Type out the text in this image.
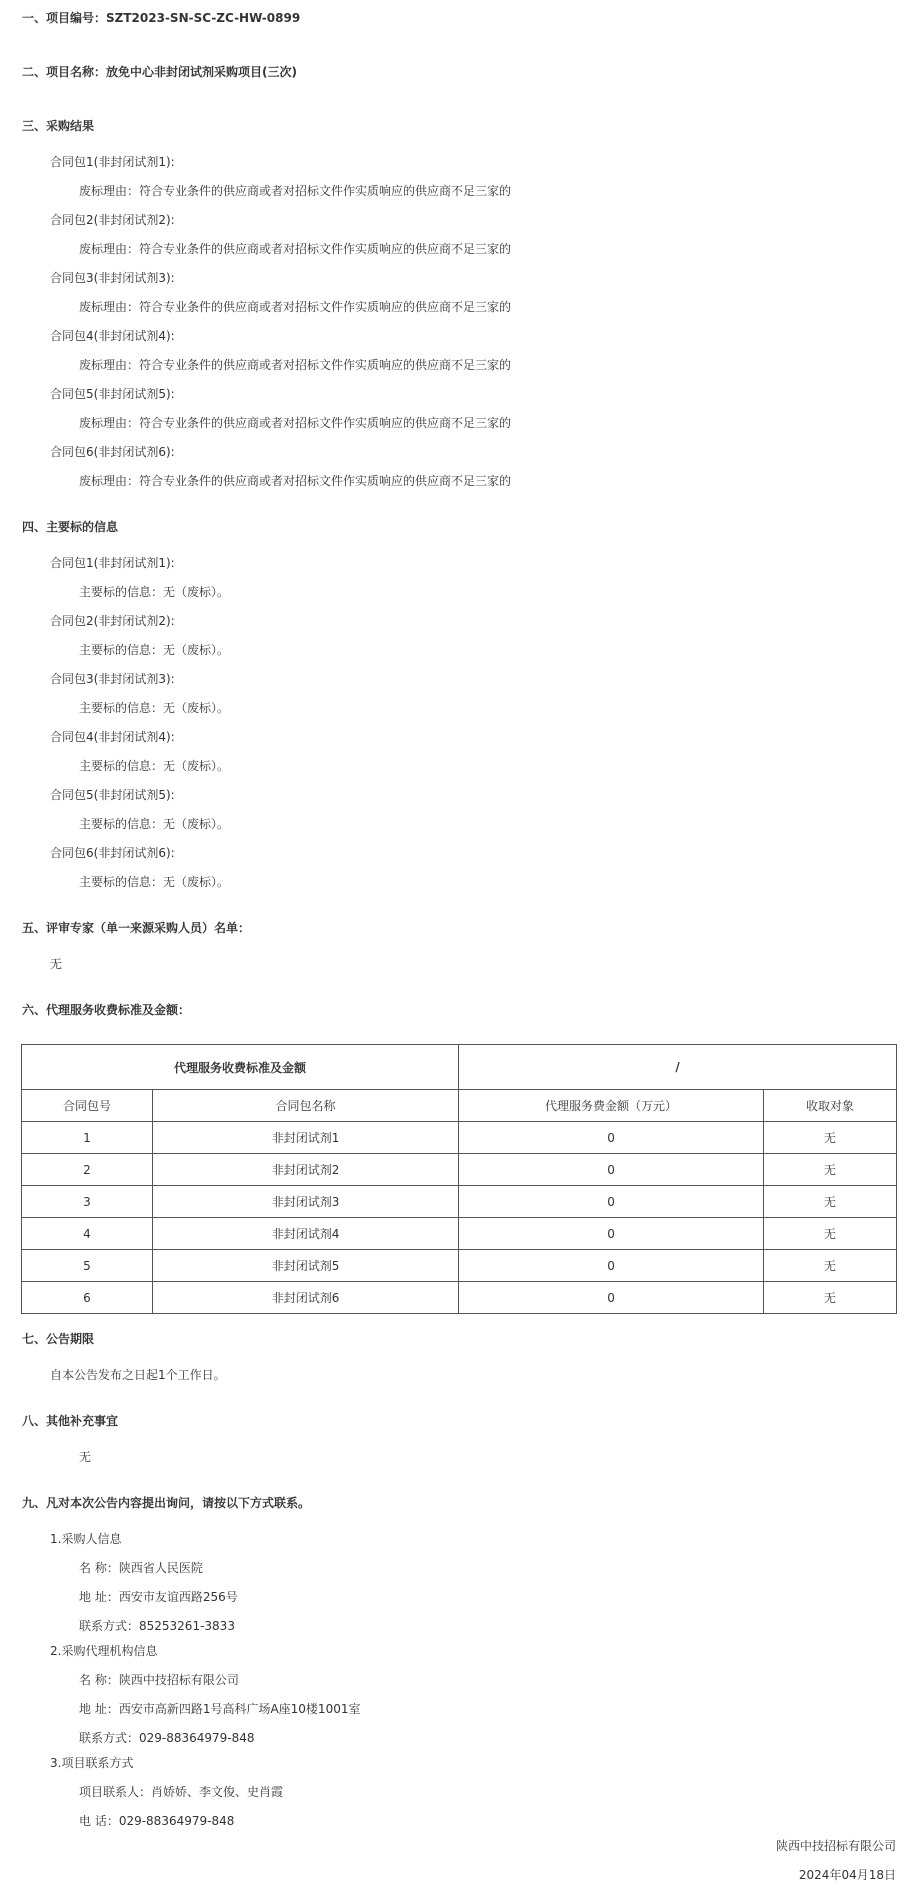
一、项目编号：SZT2023-SN-SC-ZC-HW-0899
二、项目名称：放免中心非封闭试剂采购项目(三次)
三、采购结果
合同包1(非封闭试剂1):
废标理由：符合专业条件的供应商或者对招标文件作实质响应的供应商不足三家的
合同包2(非封闭试剂2):
废标理由：符合专业条件的供应商或者对招标文件作实质响应的供应商不足三家的
合同包3(非封闭试剂3):
废标理由：符合专业条件的供应商或者对招标文件作实质响应的供应商不足三家的
合同包4(非封闭试剂4):
废标理由：符合专业条件的供应商或者对招标文件作实质响应的供应商不足三家的
合同包5(非封闭试剂5):
废标理由：符合专业条件的供应商或者对招标文件作实质响应的供应商不足三家的
合同包6(非封闭试剂6):
废标理由：符合专业条件的供应商或者对招标文件作实质响应的供应商不足三家的
四、主要标的信息
合同包1(非封闭试剂1):
主要标的信息：无（废标）。
合同包2(非封闭试剂2):
主要标的信息：无（废标）。
合同包3(非封闭试剂3):
主要标的信息：无（废标）。
合同包4(非封闭试剂4):
主要标的信息：无（废标）。
合同包5(非封闭试剂5):
主要标的信息：无（废标）。
合同包6(非封闭试剂6):
主要标的信息：无（废标）。
五、评审专家（单一来源采购人员）名单：
无
六、代理服务收费标准及金额：
代理服务收费标准及金额		/	
合同包号	合同包名称	代理服务费金额（万元）	收取对象
1	非封闭试剂1	0	无
2	非封闭试剂2	0	无
3	非封闭试剂3	0	无
4	非封闭试剂4	0	无
5	非封闭试剂5	0	无
6	非封闭试剂6	0	无
七、公告期限
自本公告发布之日起1个工作日。
八、其他补充事宜
无
九、凡对本次公告内容提出询问，请按以下方式联系。
1.采购人信息
名 称：陕西省人民医院
地 址：西安市友谊西路256号
联系方式：85253261-3833
2.采购代理机构信息
名 称：陕西中技招标有限公司
地 址：西安市高新四路1号高科广场A座10楼1001室
联系方式：029-88364979-848
3.项目联系方式
项目联系人：肖娇娇、李文俊、史肖霞
电 话：029-88364979-848
陕西中技招标有限公司
2024年04月18日
